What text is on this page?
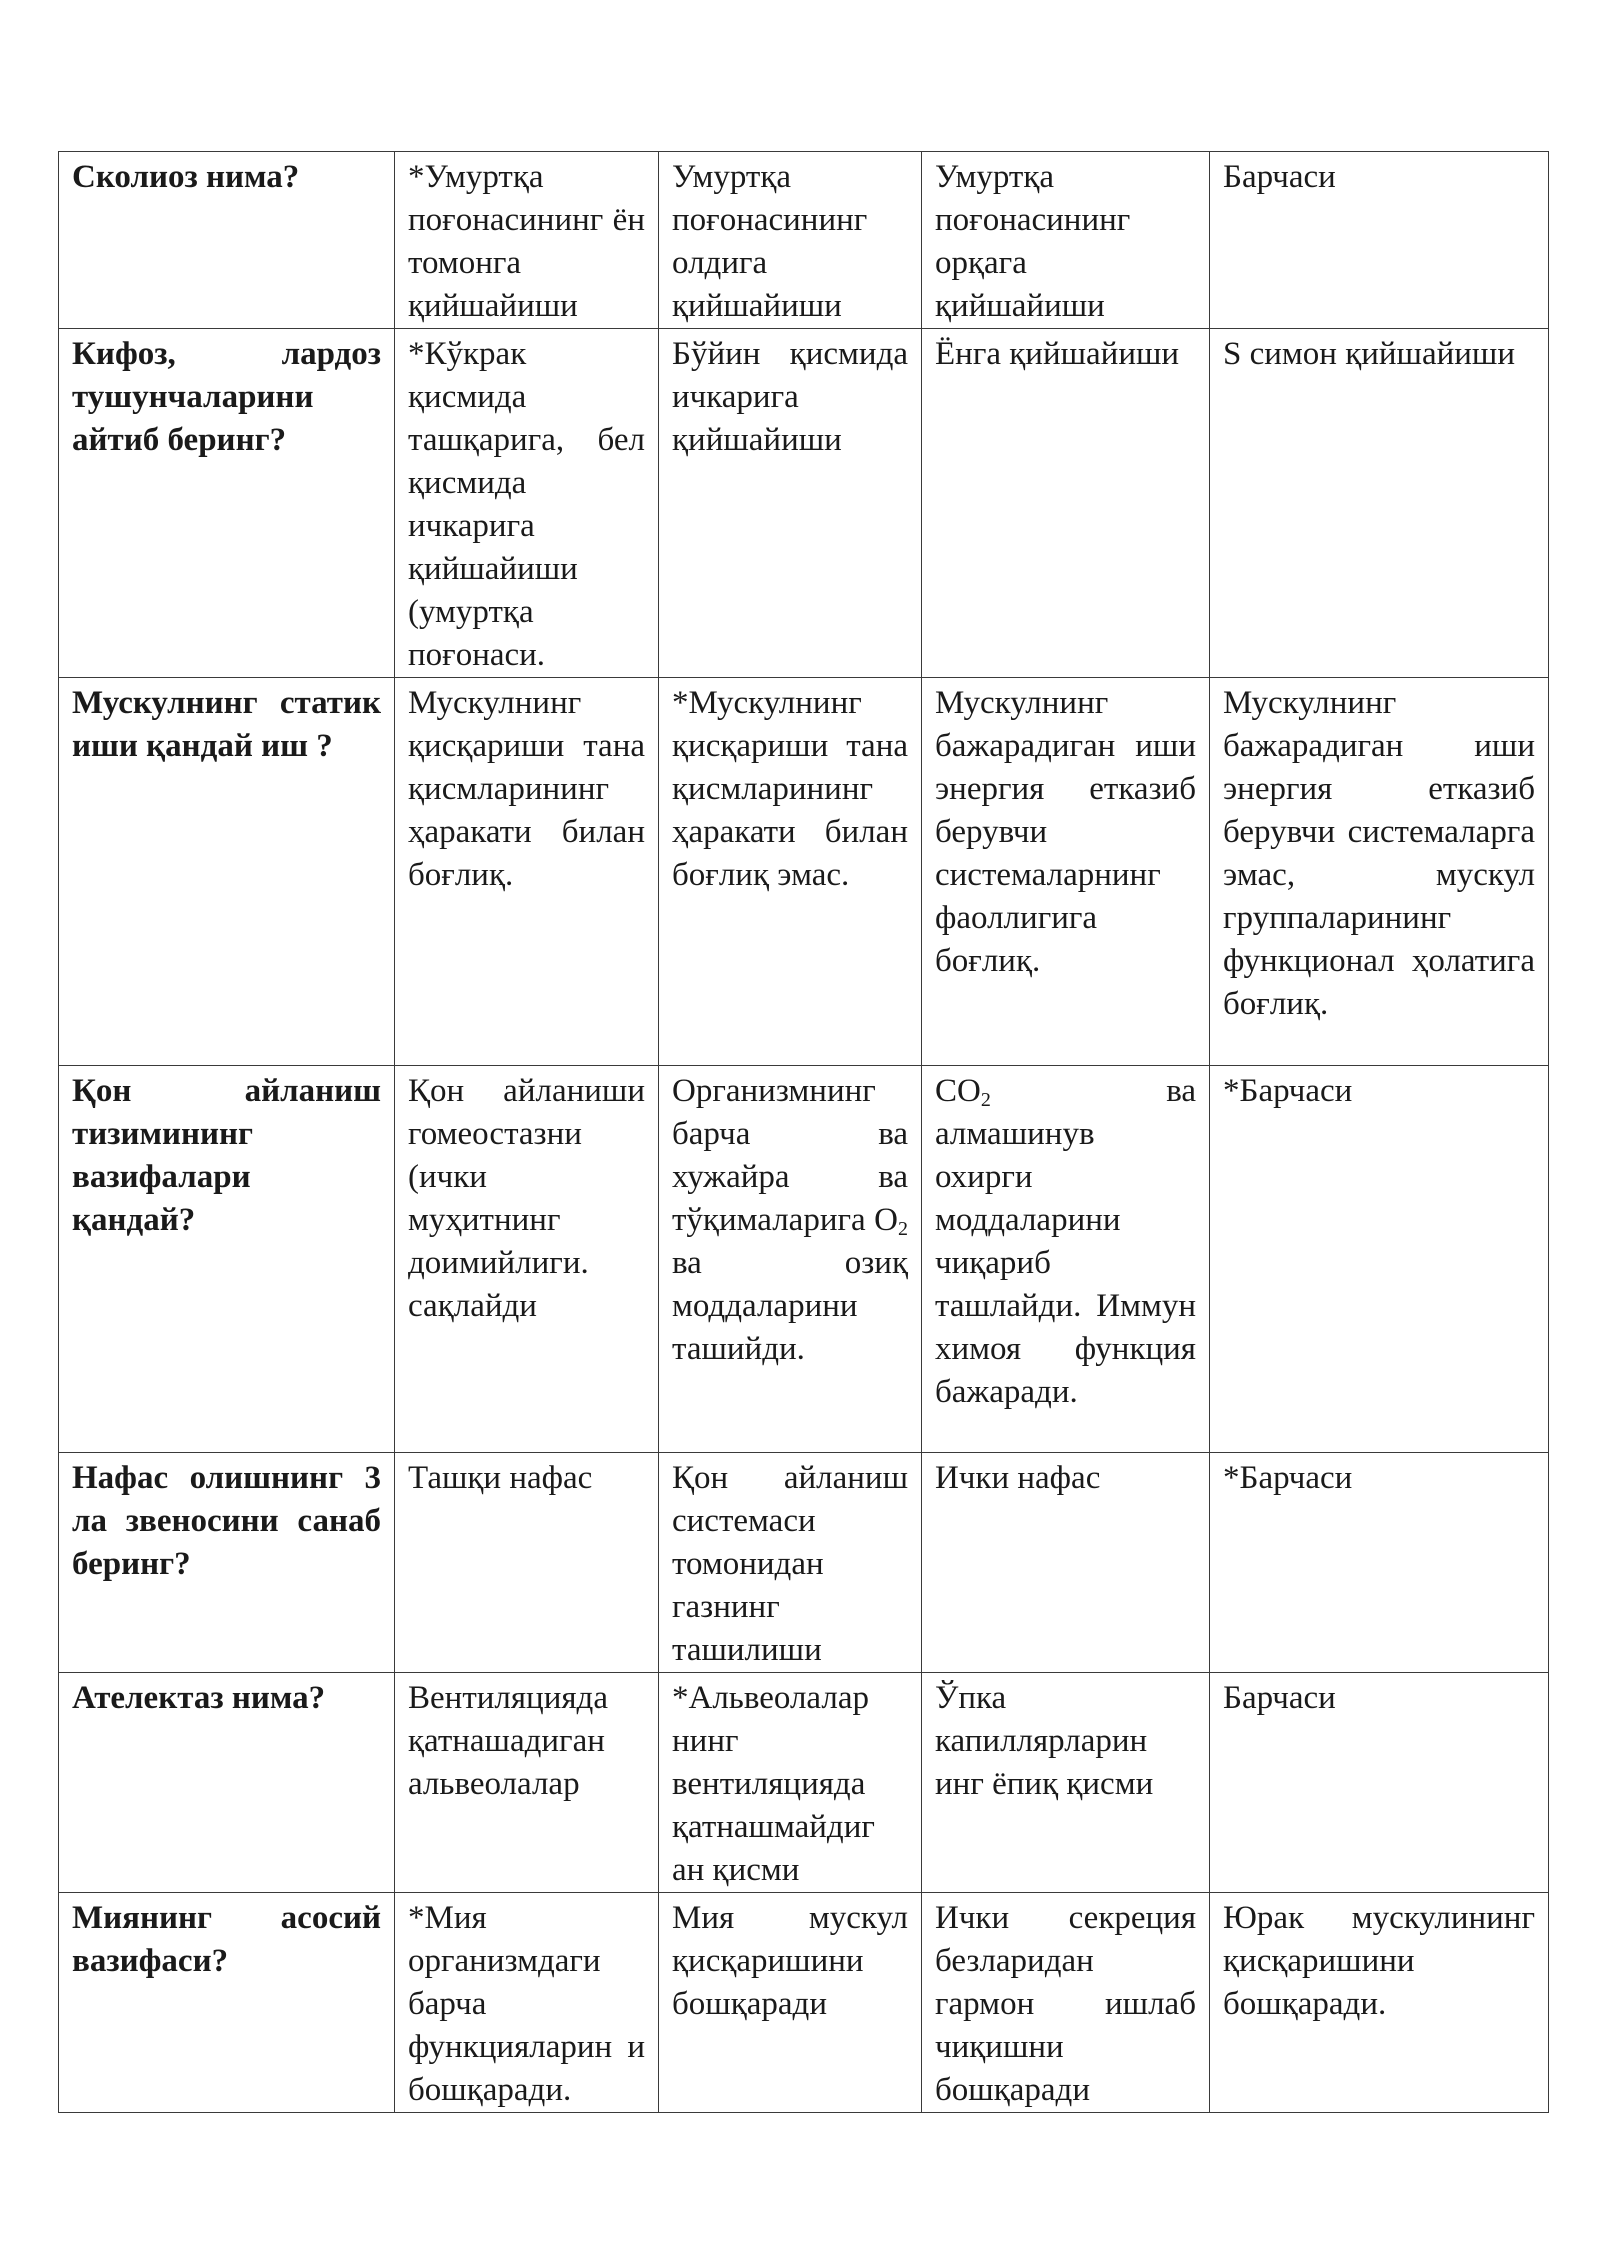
Сколиоз нима?	*Умуртқа поғонасининг ён томонга қийшайиши	Умуртқа поғонасининг олдига қийшайиши	Умуртқа поғонасининг орқага қийшайиши	Барчаси
Кифоз, лардоз тушунчаларини айтиб беринг?	*Кўкрак қисмида ташқарига, бел қисмида ичкарига қийшайиши (умуртқа поғонаси.	Бўйин қисмида ичкарига қийшайиши	Ёнга қийшайиши	S симон қийшайиши
Мускулнинг статик иши қандай иш ?	Мускулнинг қисқариши тана қисмларининг ҳаракати билан боғлиқ.	*Мускулнинг қисқариши тана қисмларининг ҳаракати билан боғлиқ эмас.	Мускулнинг бажарадиган иши энергия етказиб берувчи системаларнинг фаоллигига боғлиқ.	Мускулнинг бажарадиган иши энергия етказиб берувчи системаларга эмас, мускул группаларининг функционал ҳолатига боғлиқ.
Қон айланиш тизимининг вазифалари қандай?	Қон айланиши гомеостазни (ички муҳитнинг доимийлиги. сақлайди	Организмнинг барча ва хужайра ва тўқималарига $O_2$ ва озиқ моддаларини ташийди.	$CO_2$ ва алмашинув охирги моддаларини чиқариб ташлайди. Иммун химоя функция бажаради.	*Барчаси
Нафас олишнинг 3 ла звеносини санаб беринг?	Ташқи нафас	Қон айланиш системаси томонидан газнинг ташилиши	Ички нафас	*Барчаси
Ателектаз нима?	Вентиляцияда қатнашадиган альвеолалар	*Альвеолалар нинг вентиляцияда қатнашмайдиг ан қисми	Ўпка капиллярларин инг ёпиқ қисми	Барчаси
Миянинг асосий вазифаси?	*Мия организмдаги барча функцияларин и бошқаради.	Мия мускул қисқаришини бошқаради	Ички секреция безларидан гармон ишлаб чиқишни бошқаради	Юрак мускулининг қисқаришини бошқаради.
